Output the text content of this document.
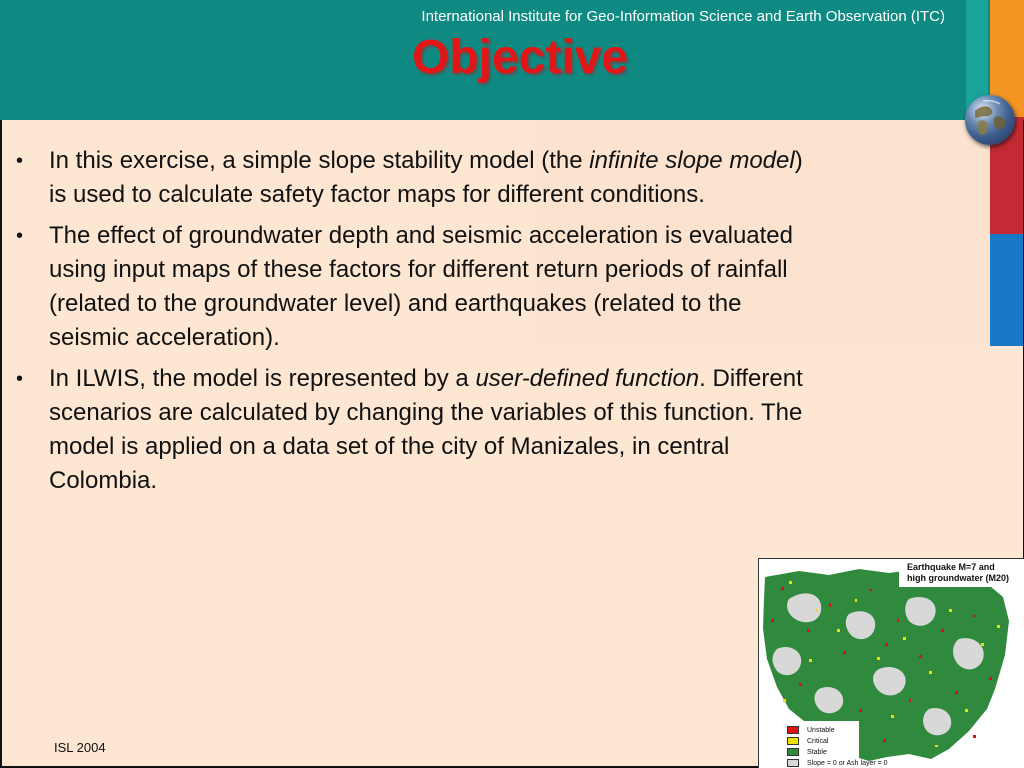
International Institute for Geo-Information Science and Earth Observation (ITC)
Objective
• In this exercise, a simple slope stability model (the infinite slope model) is used to calculate safety factor maps for different conditions.
• The effect of groundwater depth and seismic acceleration is evaluated using input maps of these factors for different return periods of rainfall (related to the groundwater level) and earthquakes (related to the seismic acceleration).
• In ILWIS, the model is represented by a user-defined function. Different scenarios are calculated by changing the variables of this function. The model is applied on a data set of the city of Manizales, in central Colombia.
ISL 2004
Earthquake M=7 and
high groundwater (M20)
Unstable
Critical
Stable
Slope = 0 or Ash layer = 0
